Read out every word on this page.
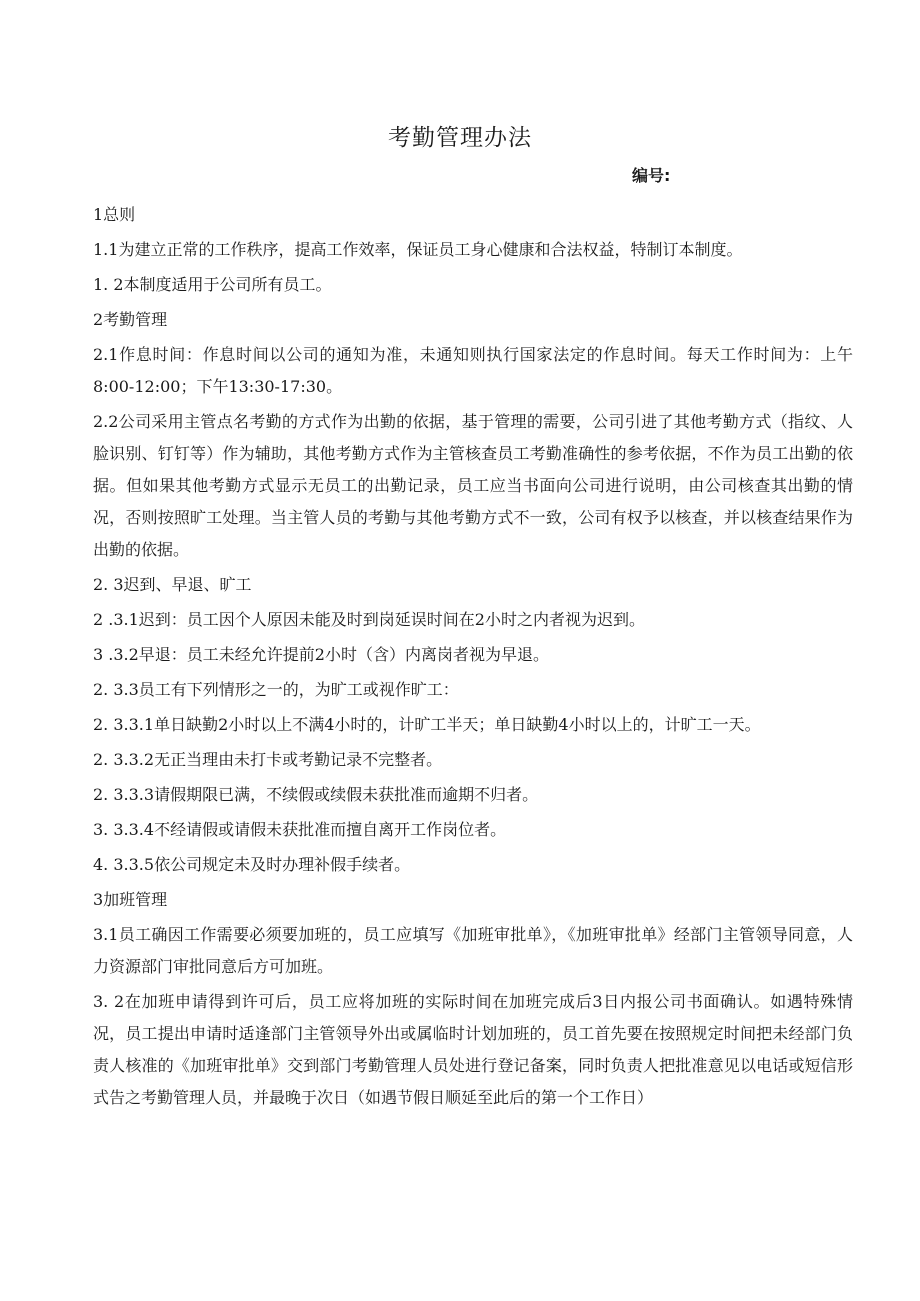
考勤管理办法
编号:

1总则

1.1为建立正常的工作秩序，提高工作效率，保证员工身心健康和合法权益，特制订本制度。

1. 2本制度适用于公司所有员工。

2考勤管理

2.1作息时间：作息时间以公司的通知为准，未通知则执行国家法定的作息时间。每天工作时间为：上午8:00-12:00；下午13:30-17:30。

2.2公司采用主管点名考勤的方式作为出勤的依据，基于管理的需要，公司引进了其他考勤方式（指纹、人脸识别、钉钉等）作为辅助，其他考勤方式作为主管核查员工考勤准确性的参考依据，不作为员工出勤的依据。但如果其他考勤方式显示无员工的出勤记录，员工应当书面向公司进行说明，由公司核查其出勤的情况，否则按照旷工处理。当主管人员的考勤与其他考勤方式不一致，公司有权予以核查，并以核查结果作为出勤的依据。

2. 3迟到、早退、旷工

2 .3.1迟到：员工因个人原因未能及时到岗延误时间在2小时之内者视为迟到。

3 .3.2早退：员工未经允许提前2小时（含）内离岗者视为早退。

2. 3.3员工有下列情形之一的，为旷工或视作旷工：

2. 3.3.1单日缺勤2小时以上不满4小时的，计旷工半天；单日缺勤4小时以上的，计旷工一天。

2. 3.3.2无正当理由未打卡或考勤记录不完整者。

2. 3.3.3请假期限已满，不续假或续假未获批准而逾期不归者。

3. 3.3.4不经请假或请假未获批准而擅自离开工作岗位者。

4. 3.3.5依公司规定未及时办理补假手续者。

3加班管理

3.1员工确因工作需要必须要加班的，员工应填写《加班审批单》，《加班审批单》经部门主管领导同意，人力资源部门审批同意后方可加班。

3. 2在加班申请得到许可后，员工应将加班的实际时间在加班完成后3日内报公司书面确认。如遇特殊情况，员工提出申请时适逢部门主管领导外出或属临时计划加班的，员工首先要在按照规定时间把未经部门负责人核准的《加班审批单》交到部门考勤管理人员处进行登记备案，同时负责人把批准意见以电话或短信形式告之考勤管理人员，并最晚于次日（如遇节假日顺延至此后的第一个工作日）
